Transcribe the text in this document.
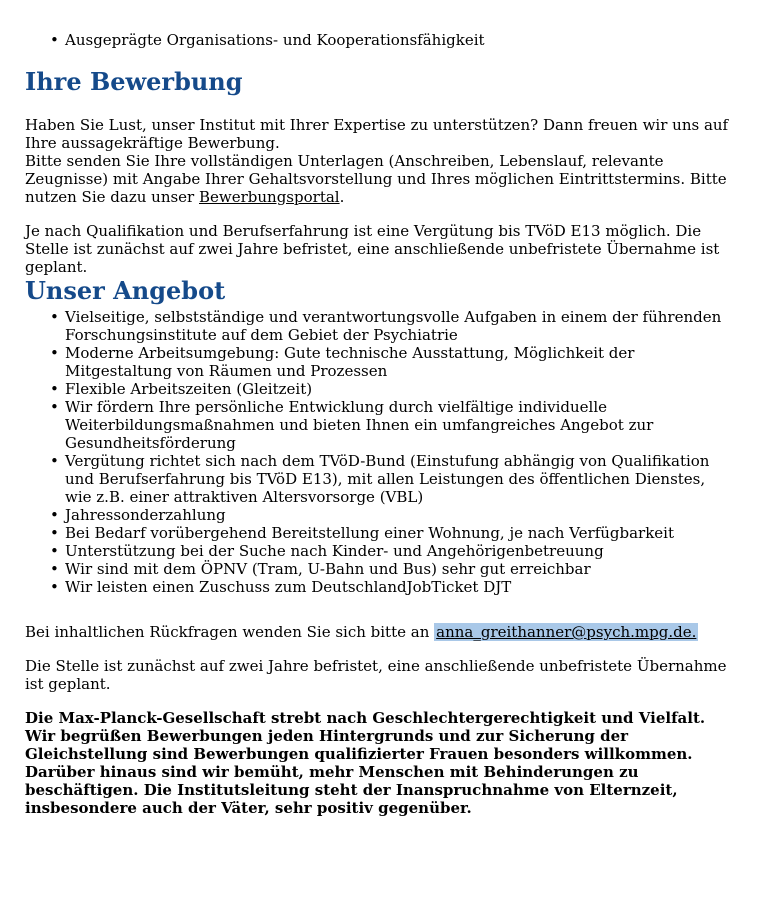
• Ausgeprägte Organisations- und Kooperationsfähigkeit
Ihre Bewerbung

Haben Sie Lust, unser Institut mit Ihrer Expertise zu unterstützen? Dann freuen wir uns auf Ihre aussagekräftige Bewerbung.

Bitte senden Sie Ihre vollständigen Unterlagen (Anschreiben, Lebenslauf, relevante Zeugnisse) mit Angabe Ihrer Gehaltsvorstellung und Ihres möglichen Eintrittstermins. Bitte nutzen Sie dazu unser Bewerbungsportal.

Je nach Qualifikation und Berufserfahrung ist eine Vergütung bis TVöD E13 möglich. Die Stelle ist zunächst auf zwei Jahre befristet, eine anschließende unbefristete Übernahme ist geplant.

Unser Angebot
• Vielseitige, selbstständige und verantwortungsvolle Aufgaben in einem der führenden Forschungsinstitute auf dem Gebiet der Psychiatrie
• Moderne Arbeitsumgebung: Gute technische Ausstattung, Möglichkeit der Mitgestaltung von Räumen und Prozessen
• Flexible Arbeitszeiten (Gleitzeit)
• Wir fördern Ihre persönliche Entwicklung durch vielfältige individuelle Weiterbildungsmaßnahmen und bieten Ihnen ein umfangreiches Angebot zur Gesundheitsförderung
• Vergütung richtet sich nach dem TVöD-Bund (Einstufung abhängig von Qualifikation und Berufserfahrung bis TVöD E13), mit allen Leistungen des öffentlichen Dienstes, wie z.B. einer attraktiven Altersvorsorge (VBL)
• Jahressonderzahlung
• Bei Bedarf vorübergehend Bereitstellung einer Wohnung, je nach Verfügbarkeit
• Unterstützung bei der Suche nach Kinder- und Angehörigenbetreuung
• Wir sind mit dem ÖPNV (Tram, U-Bahn und Bus) sehr gut erreichbar
• Wir leisten einen Zuschuss zum DeutschlandJobTicket DJT

Bei inhaltlichen Rückfragen wenden Sie sich bitte an anna_greithanner@psych.mpg.de.

Die Stelle ist zunächst auf zwei Jahre befristet, eine anschließende unbefristete Übernahme ist geplant.

Die Max-Planck-Gesellschaft strebt nach Geschlechtergerechtigkeit und Vielfalt. Wir begrüßen Bewerbungen jeden Hintergrunds und zur Sicherung der Gleichstellung sind Bewerbungen qualifizierter Frauen besonders willkommen. Darüber hinaus sind wir bemüht, mehr Menschen mit Behinderungen zu beschäftigen. Die Institutsleitung steht der Inanspruchnahme von Elternzeit, insbesondere auch der Väter, sehr positiv gegenüber.
